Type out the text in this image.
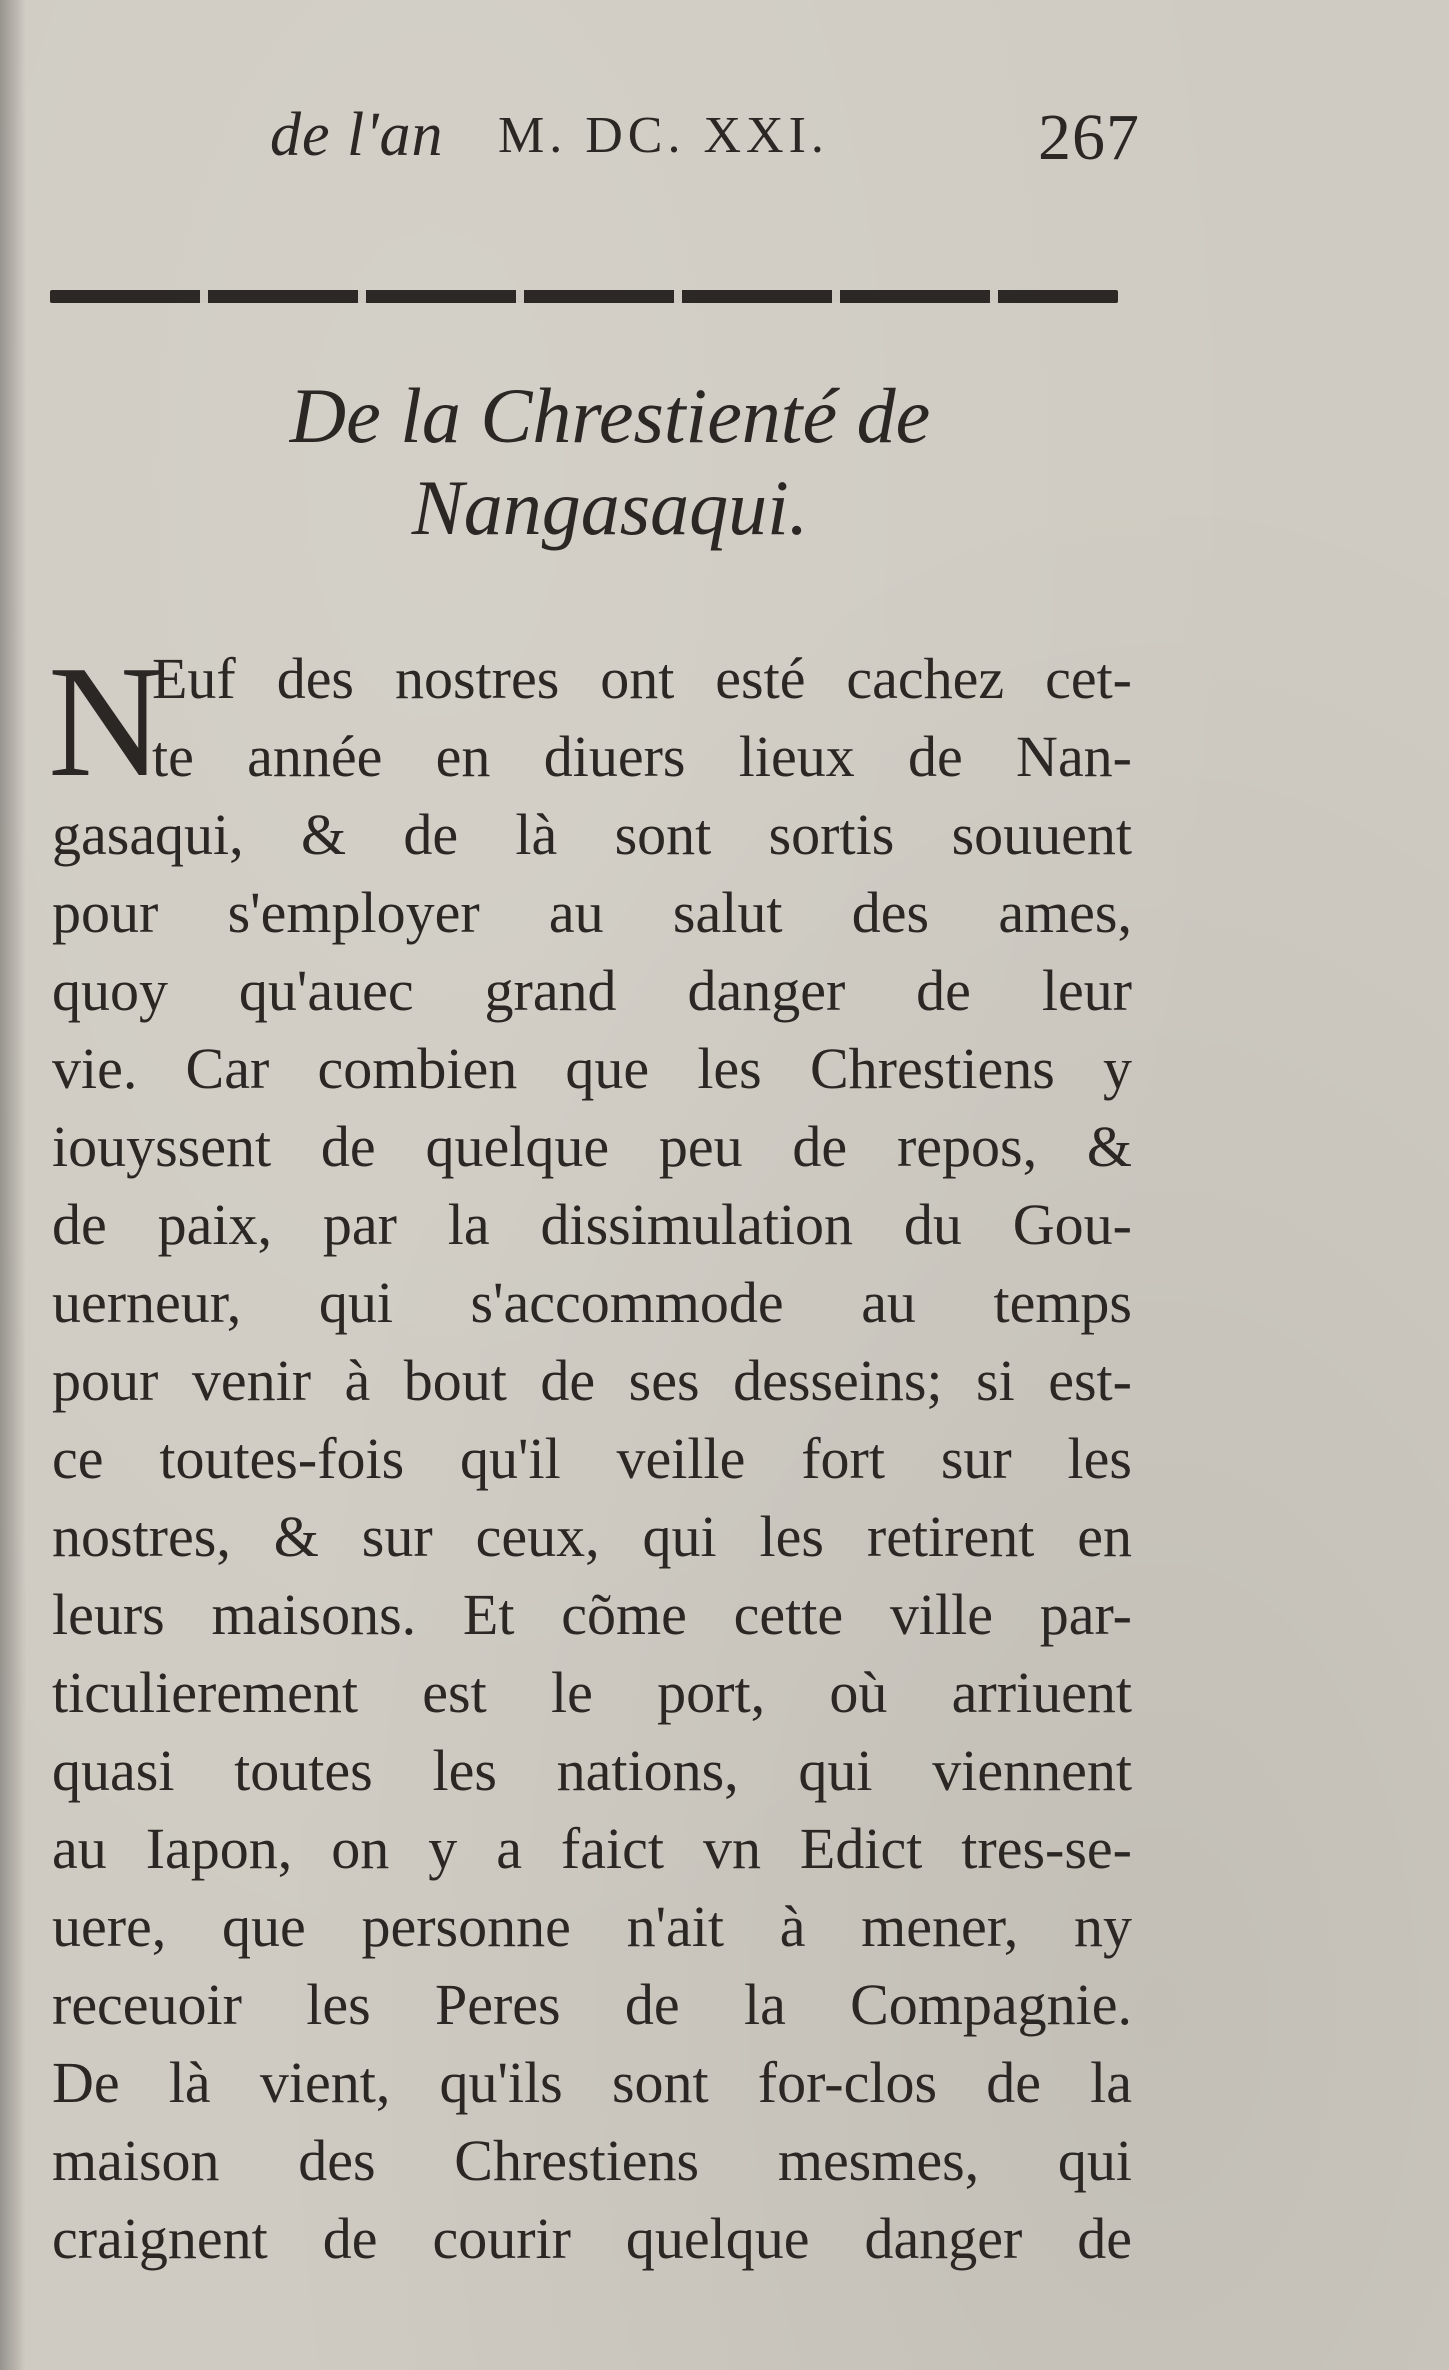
de l'an M. DC. XXI.	267
De la Chrestienté de
Nangasaqui.
N
Euf des nostres ont esté cachez cet-
te année en diuers lieux de Nan-
gasaqui, & de là sont sortis souuent
pour s'employer au salut des ames,
quoy qu'auec grand danger de leur
vie. Car combien que les Chrestiens y
iouyssent de quelque peu de repos, &
de paix, par la dissimulation du Gou-
uerneur, qui s'accommode au temps
pour venir à bout de ses desseins; si est-
ce toutes-fois qu'il veille fort sur les
nostres, & sur ceux, qui les retirent en
leurs maisons. Et cõme cette ville par-
ticulierement est le port, où arriuent
quasi toutes les nations, qui viennent
au Iapon, on y a faict vn Edict tres-se-
uere, que personne n'ait à mener, ny
receuoir les Peres de la Compagnie.
De là vient, qu'ils sont for-clos de la
maison des Chrestiens mesmes, qui
craignent de courir quelque danger de
